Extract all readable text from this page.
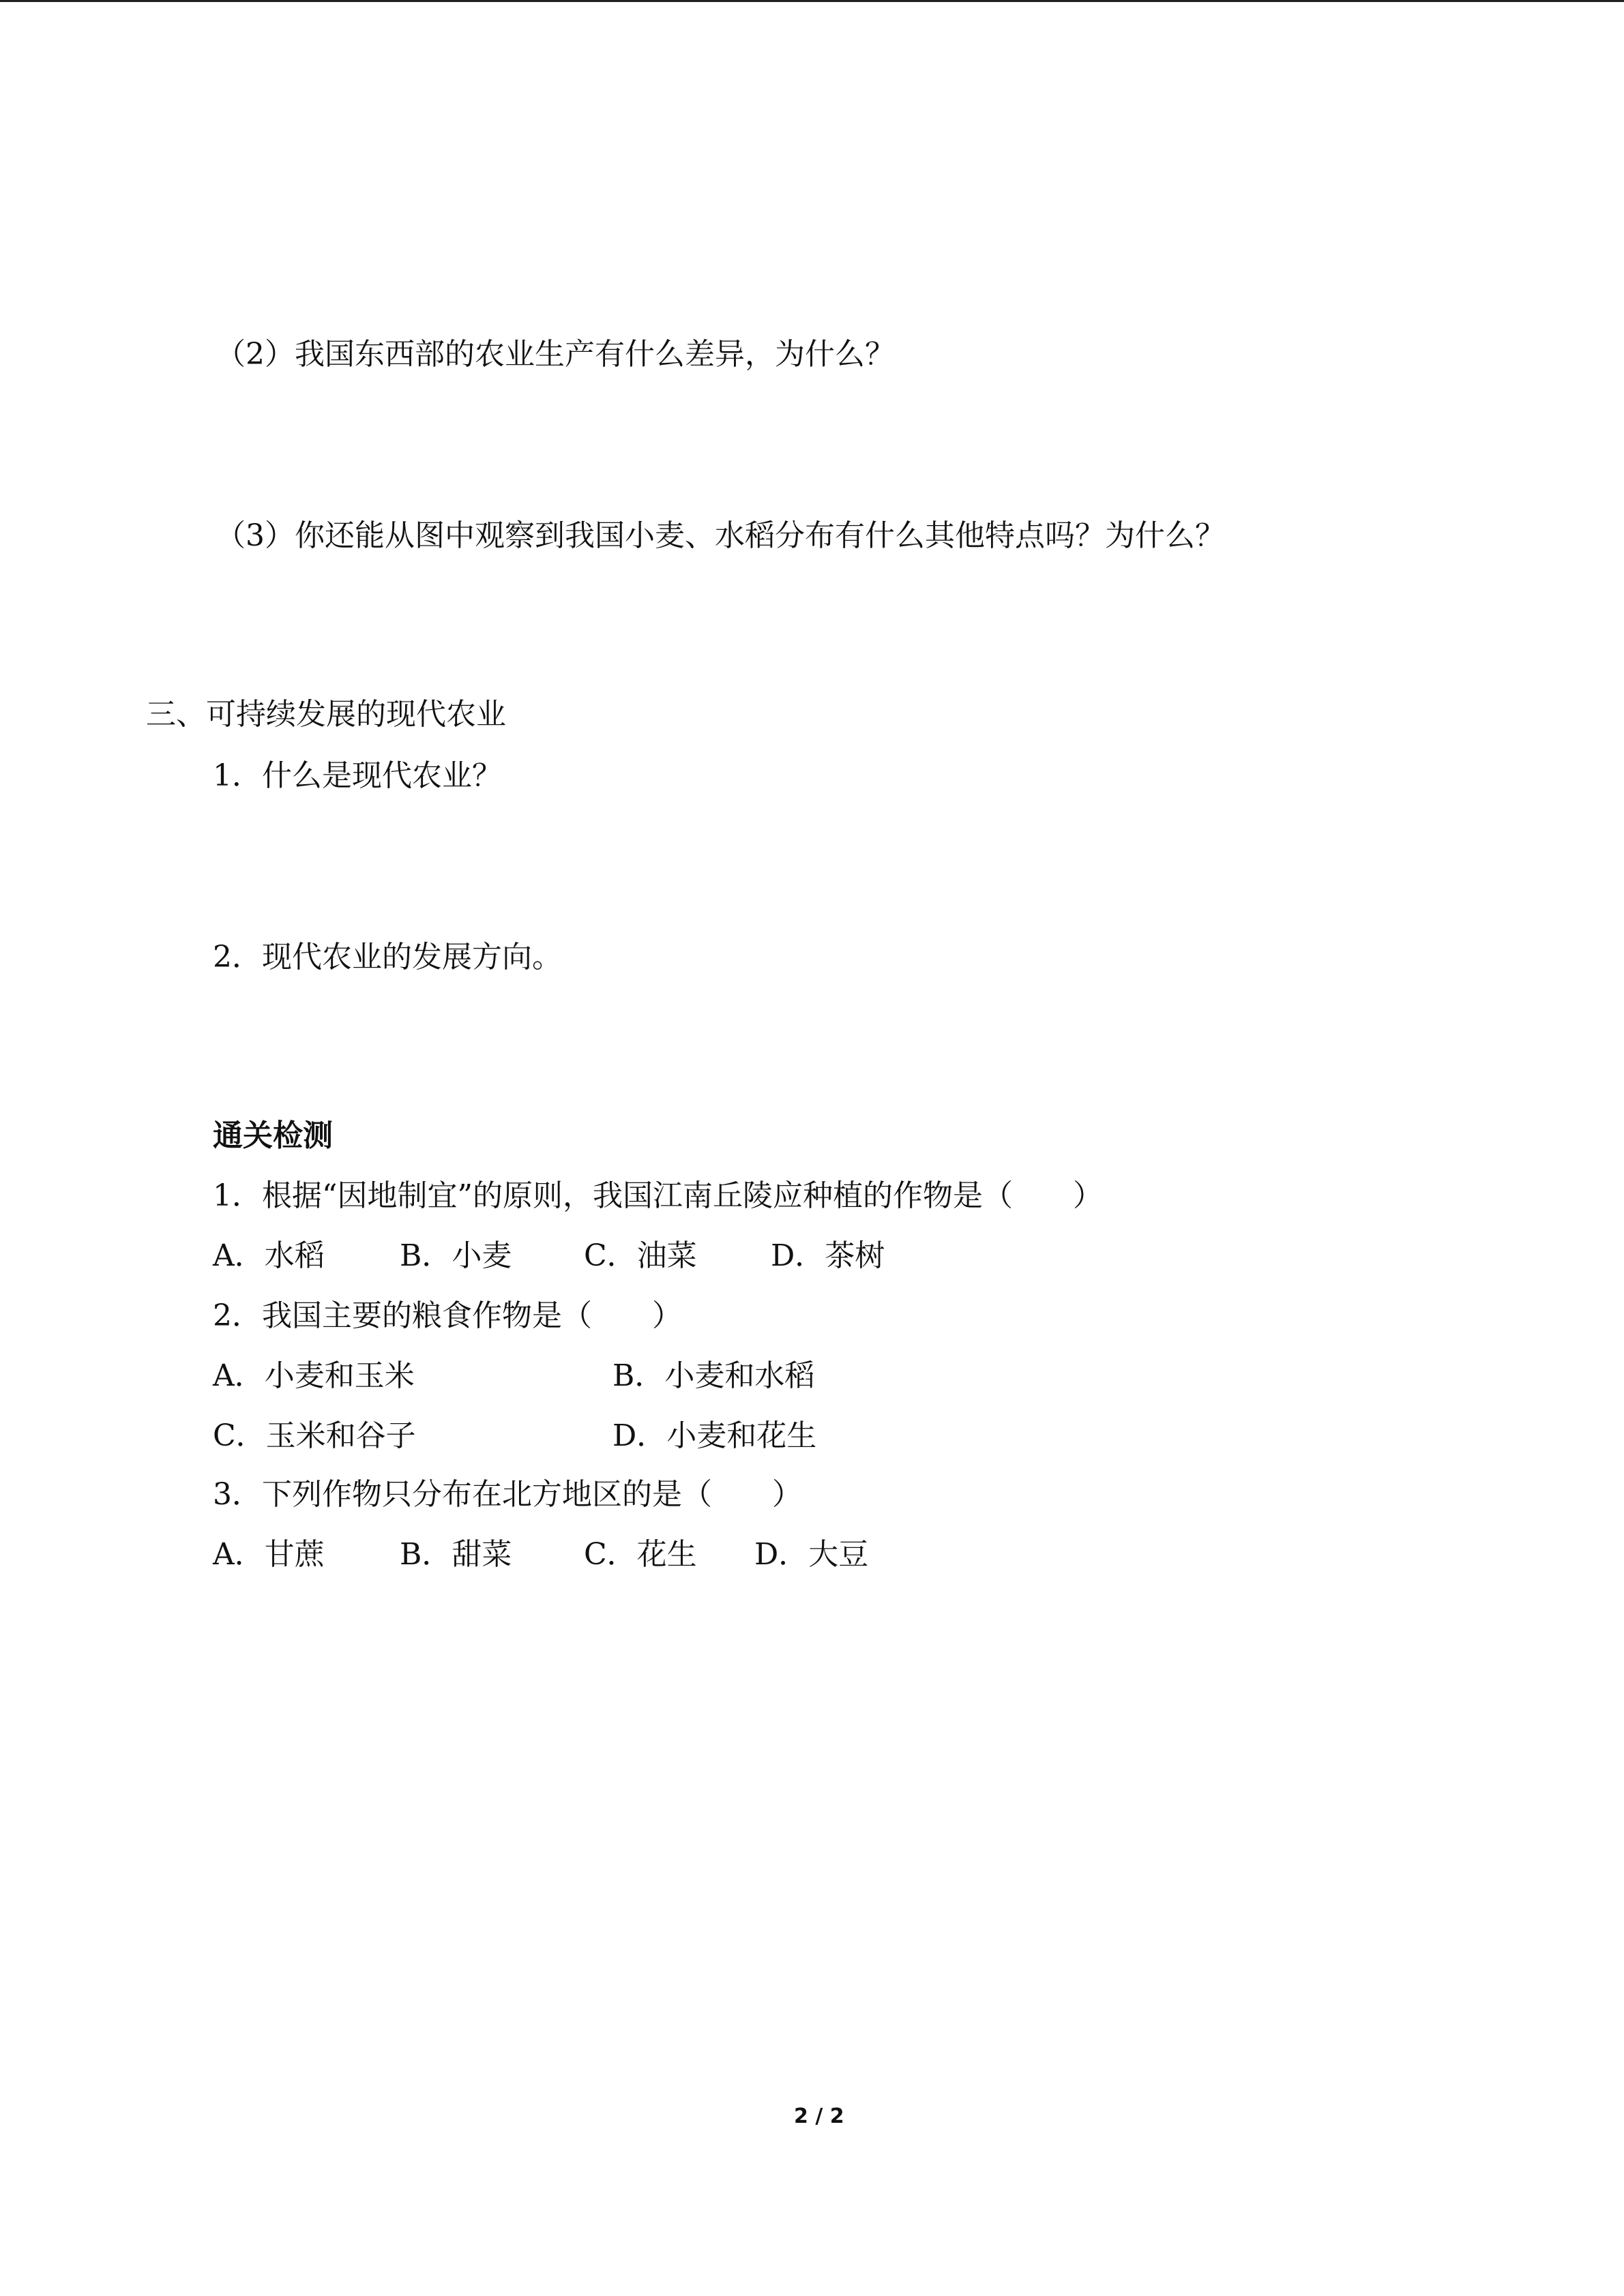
（2）我国东西部的农业生产有什么差异，为什么？
（3）你还能从图中观察到我国小麦、水稻分布有什么其他特点吗？为什么？
三、可持续发展的现代农业
1．什么是现代农业？
2．现代农业的发展方向。
通关检测
1．根据“因地制宜”的原则，我国江南丘陵应种植的作物是（　　）
A．水稻	B．小麦 C．油菜 D．茶树
2．我国主要的粮食作物是（　　）
A．小麦和玉米	B．小麦和水稻
C．玉米和谷子	D．小麦和花生
3．下列作物只分布在北方地区的是（　　）
A．甘蔗	B．甜菜 C．花生 D．大豆
2 / 2
